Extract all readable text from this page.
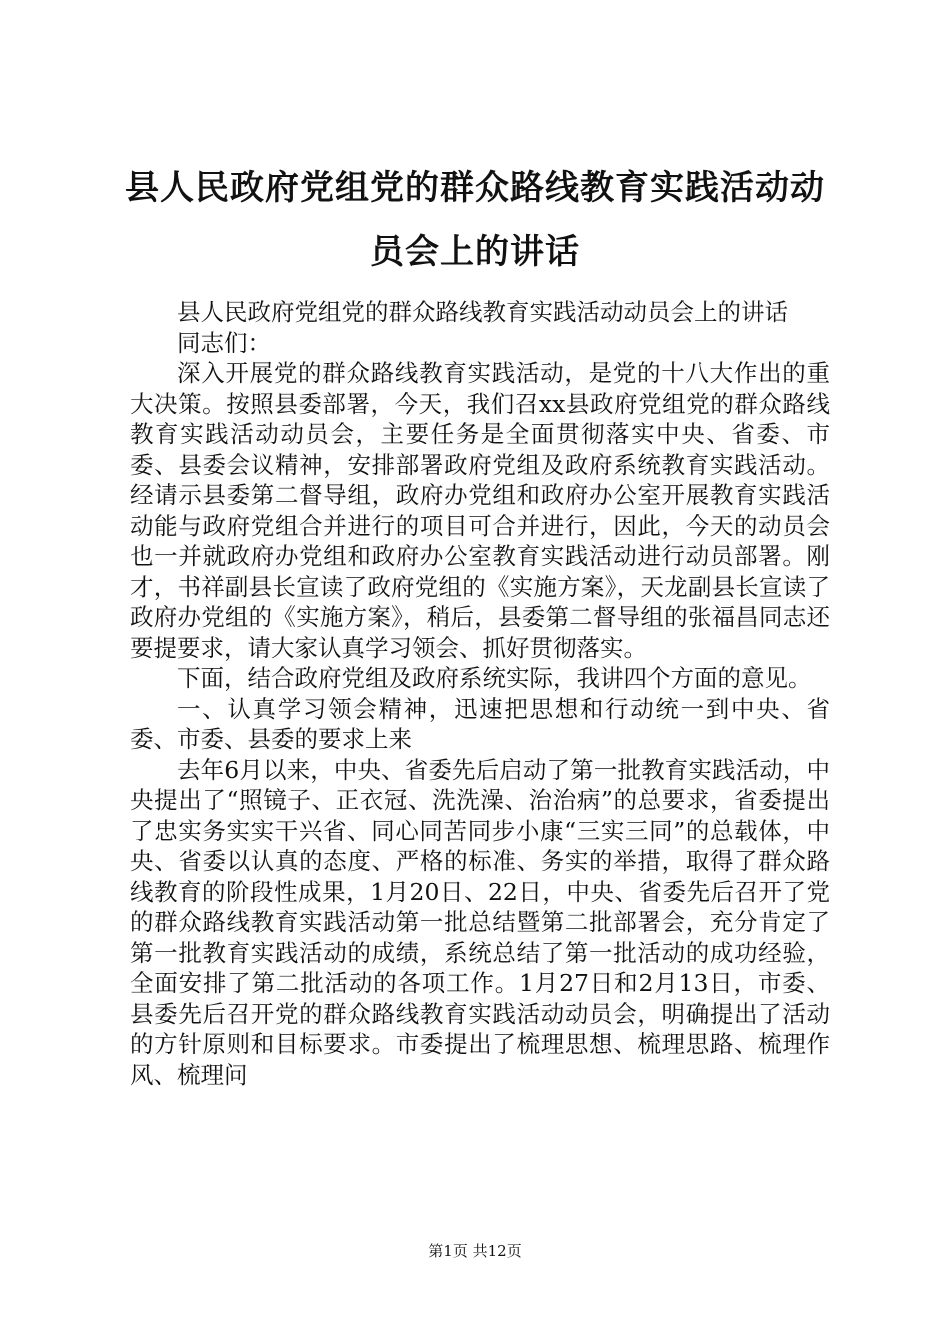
县人民政府党组党的群众路线教育实践活动动员会上的讲话

县人民政府党组党的群众路线教育实践活动动员会上的讲话

同志们：

深入开展党的群众路线教育实践活动，是党的十八大作出的重大决策。按照县委部署，今天，我们召xx县政府党组党的群众路线教育实践活动动员会，主要任务是全面贯彻落实中央、省委、市委、县委会议精神，安排部署政府党组及政府系统教育实践活动。经请示县委第二督导组，政府办党组和政府办公室开展教育实践活动能与政府党组合并进行的项目可合并进行，因此，今天的动员会也一并就政府办党组和政府办公室教育实践活动进行动员部署。刚才，书祥副县长宣读了政府党组的《实施方案》，天龙副县长宣读了政府办党组的《实施方案》，稍后，县委第二督导组的张福昌同志还要提要求，请大家认真学习领会、抓好贯彻落实。

下面，结合政府党组及政府系统实际，我讲四个方面的意见。

一、认真学习领会精神，迅速把思想和行动统一到中央、省委、市委、县委的要求上来

去年6月以来，中央、省委先后启动了第一批教育实践活动，中央提出了“照镜子、正衣冠、洗洗澡、治治病”的总要求，省委提出了忠实务实实干兴省、同心同苦同步小康“三实三同”的总载体，中央、省委以认真的态度、严格的标准、务实的举措，取得了群众路线教育的阶段性成果，1月20日、22日，中央、省委先后召开了党的群众路线教育实践活动第一批总结暨第二批部署会，充分肯定了第一批教育实践活动的成绩，系统总结了第一批活动的成功经验，全面安排了第二批活动的各项工作。1月27日和2月13日，市委、县委先后召开党的群众路线教育实践活动动员会，明确提出了活动的方针原则和目标要求。市委提出了梳理思想、梳理思路、梳理作风、梳理问

第1页 共12页
